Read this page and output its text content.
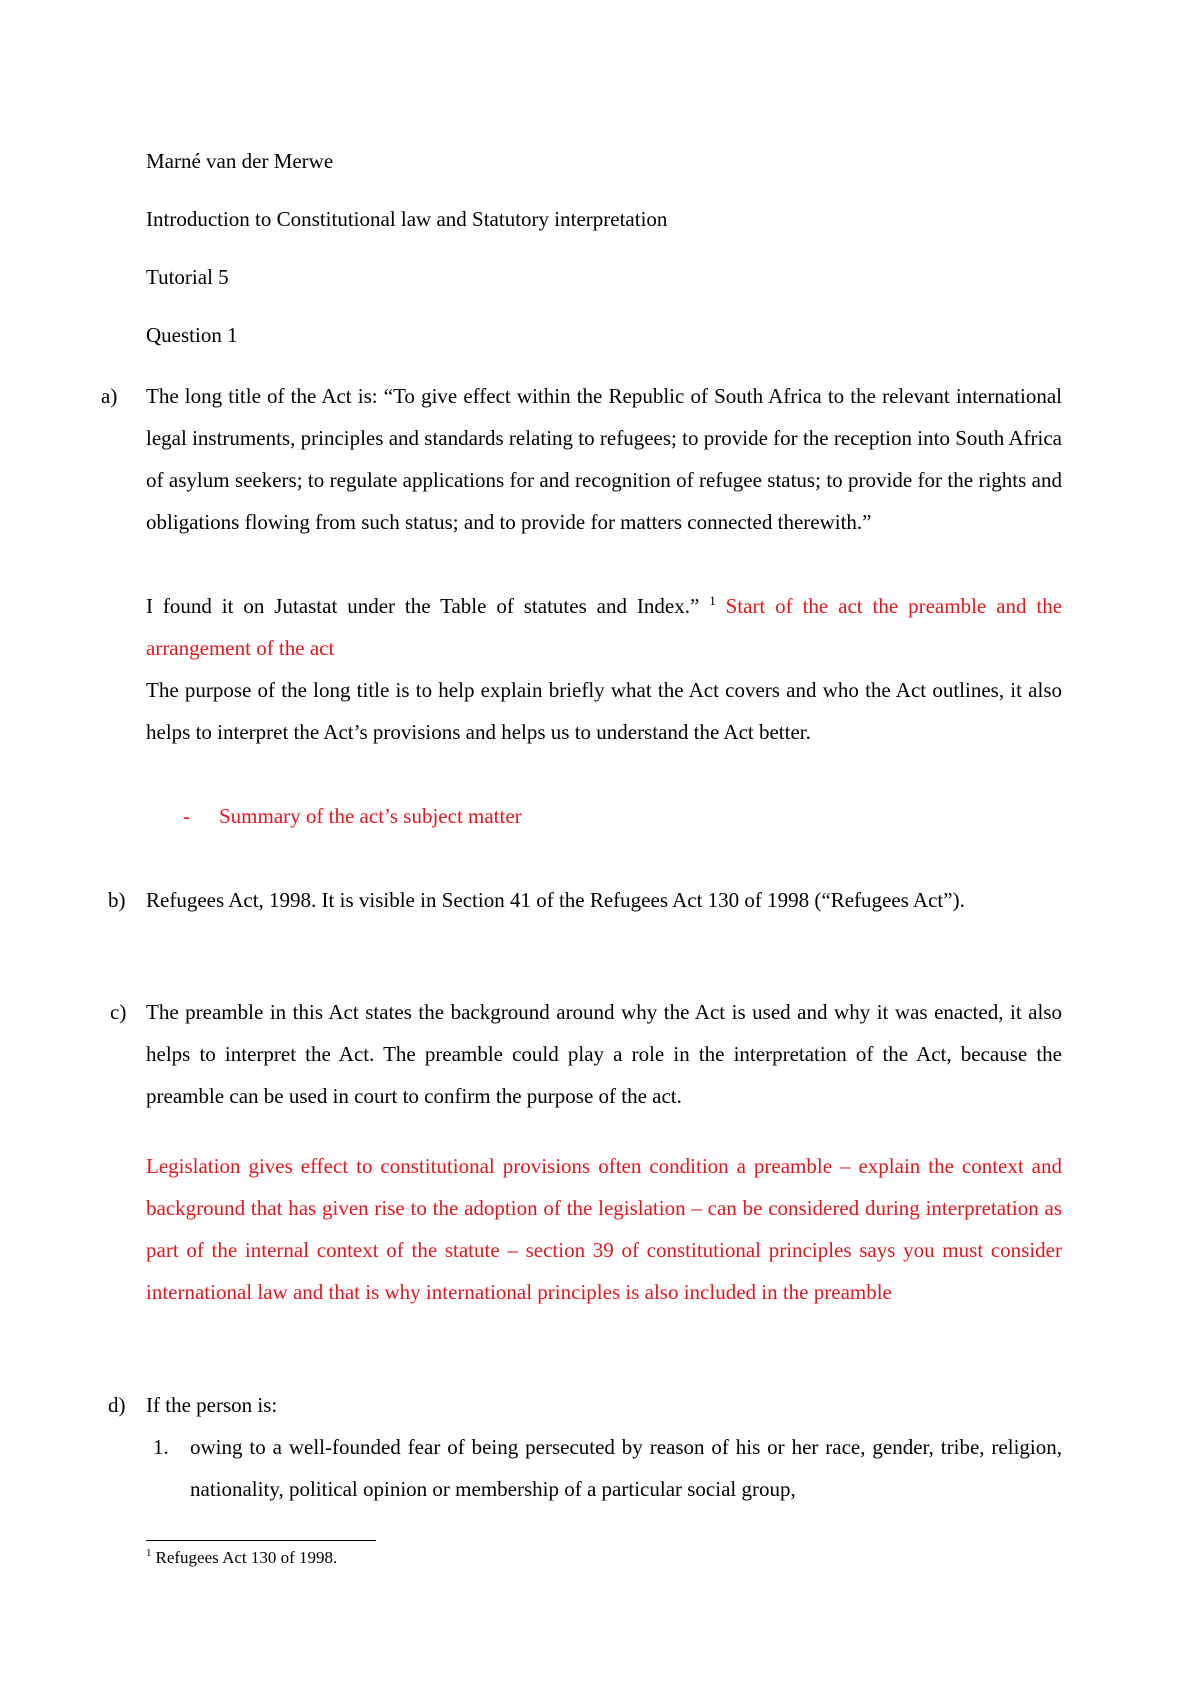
Marné van der Merwe
Introduction to Constitutional law and Statutory interpretation
Tutorial 5
Question 1
a) The long title of the Act is: “To give effect within the Republic of South Africa to the relevant international legal instruments, principles and standards relating to refugees; to provide for the reception into South Africa of asylum seekers; to regulate applications for and recognition of refugee status; to provide for the rights and obligations flowing from such status; and to provide for matters connected therewith.”
I found it on Jutastat under the Table of statutes and Index.” $^1$ Start of the act the preamble and the arrangement of the act
The purpose of the long title is to help explain briefly what the Act covers and who the Act outlines, it also helps to interpret the Act’s provisions and helps us to understand the Act better.
- Summary of the act’s subject matter
b) Refugees Act, 1998. It is visible in Section 41 of the Refugees Act 130 of 1998 (“Refugees Act”).
c) The preamble in this Act states the background around why the Act is used and why it was enacted, it also helps to interpret the Act. The preamble could play a role in the interpretation of the Act, because the preamble can be used in court to confirm the purpose of the act.
Legislation gives effect to constitutional provisions often condition a preamble – explain the context and background that has given rise to the adoption of the legislation – can be considered during interpretation as part of the internal context of the statute – section 39 of constitutional principles says you must consider international law and that is why international principles is also included in the preamble
d) If the person is:
1. owing to a well-founded fear of being persecuted by reason of his or her race, gender, tribe, religion, nationality, political opinion or membership of a particular social group,
$^1$ Refugees Act 130 of 1998.
